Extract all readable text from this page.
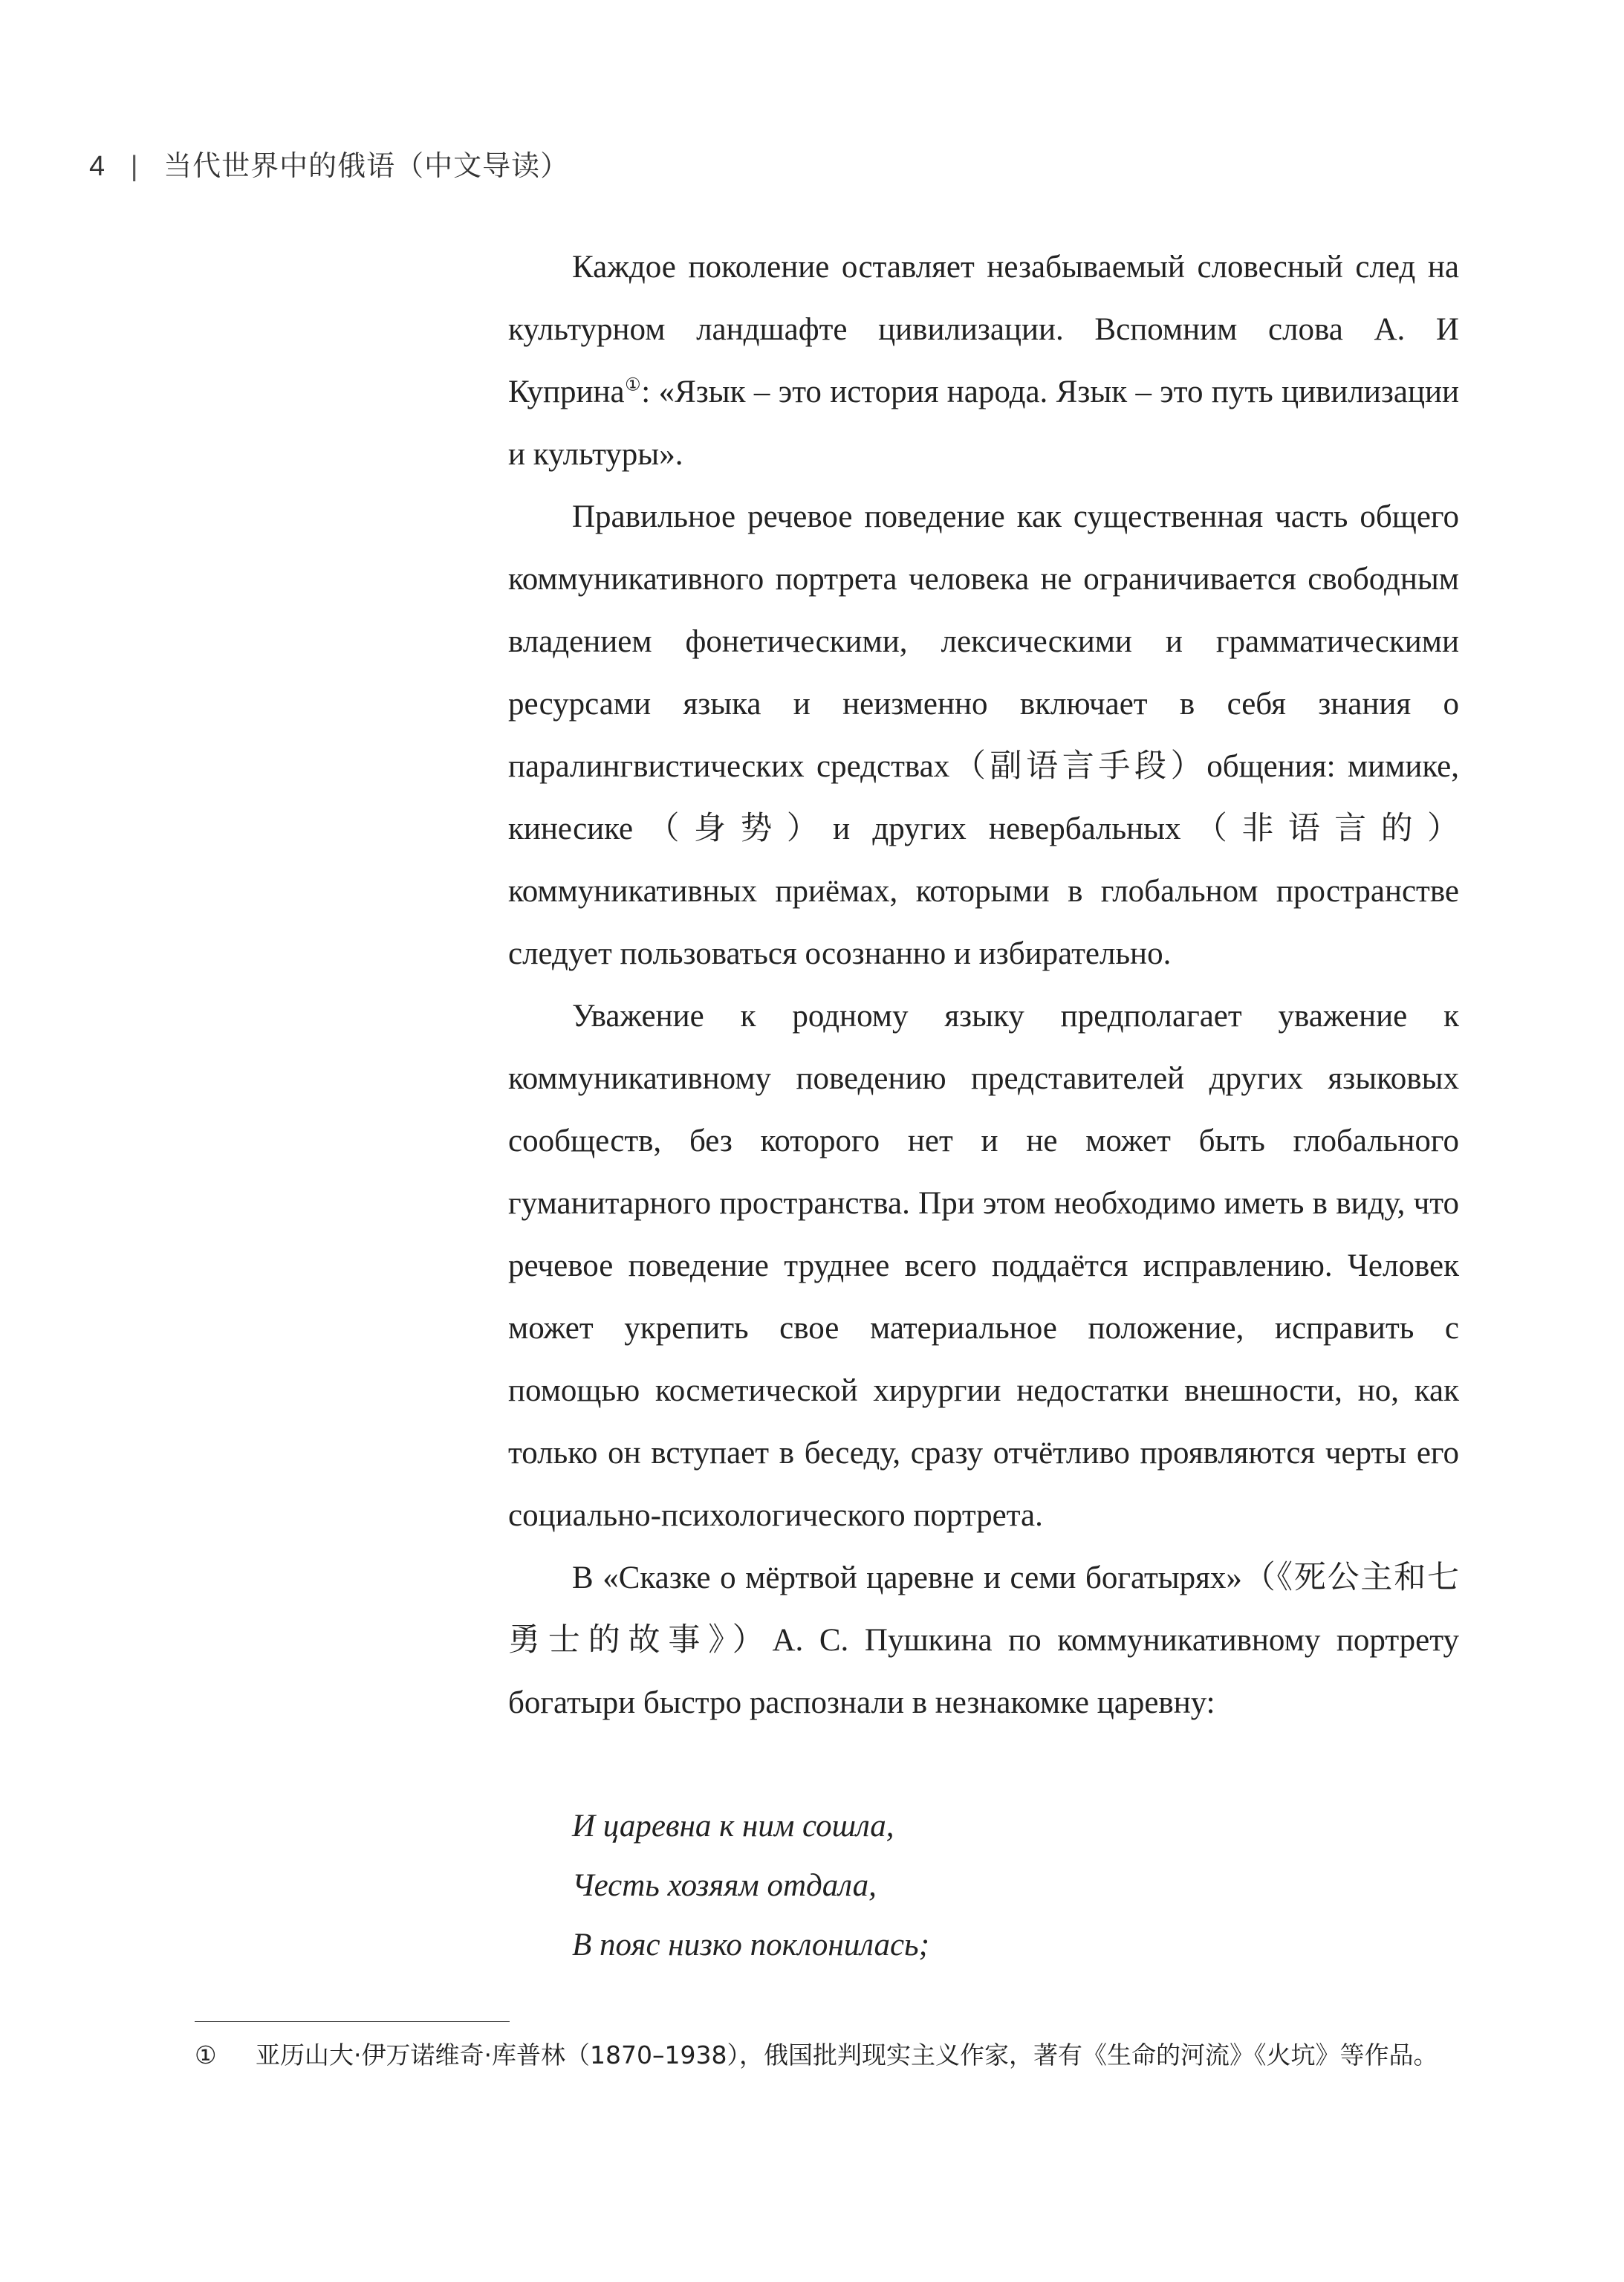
4 | 当代世界中的俄语（中文导读）

Каждое поколение оставляет незабываемый словесный след на культурном ландшафте цивилизации. Вспомним слова А. И Куприна①: «Язык – это история народа. Язык – это путь цивилизации и культуры».

Правильное речевое поведение как существенная часть общего коммуникативного портрета человека не ограничивается свободным владением фонетическими, лексическими и грамматическими ресурсами языка и неизменно включает в себя знания о паралингвистических средствах（副语言手段）общения: мимике, кинесике（身势）и других невербальных（非语言的）коммуникативных приёмах, которыми в глобальном пространстве следует пользоваться осознанно и избирательно.

Уважение к родному языку предполагает уважение к коммуникативному поведению представителей других языковых сообществ, без которого нет и не может быть глобального гуманитарного пространства. При этом необходимо иметь в виду, что речевое поведение труднее всего поддаётся исправлению. Человек может укрепить свое материальное положение, исправить с помощью косметической хирургии недостатки внешности, но, как только он вступает в беседу, сразу отчётливо проявляются черты его социально-психологического портрета.

В «Сказке о мёртвой царевне и семи богатырях»（《死公主和七勇士的故事》）А. С. Пушкина по коммуникативному портрету богатыри быстро распознали в незнакомке царевну:

И царевна к ним сошла,
Честь хозяям отдала,
В пояс низко поклонилась;
① 亚历山大·伊万诺维奇·库普林（1870–1938），俄国批判现实主义作家，著有《生命的河流》《火坑》等作品。
